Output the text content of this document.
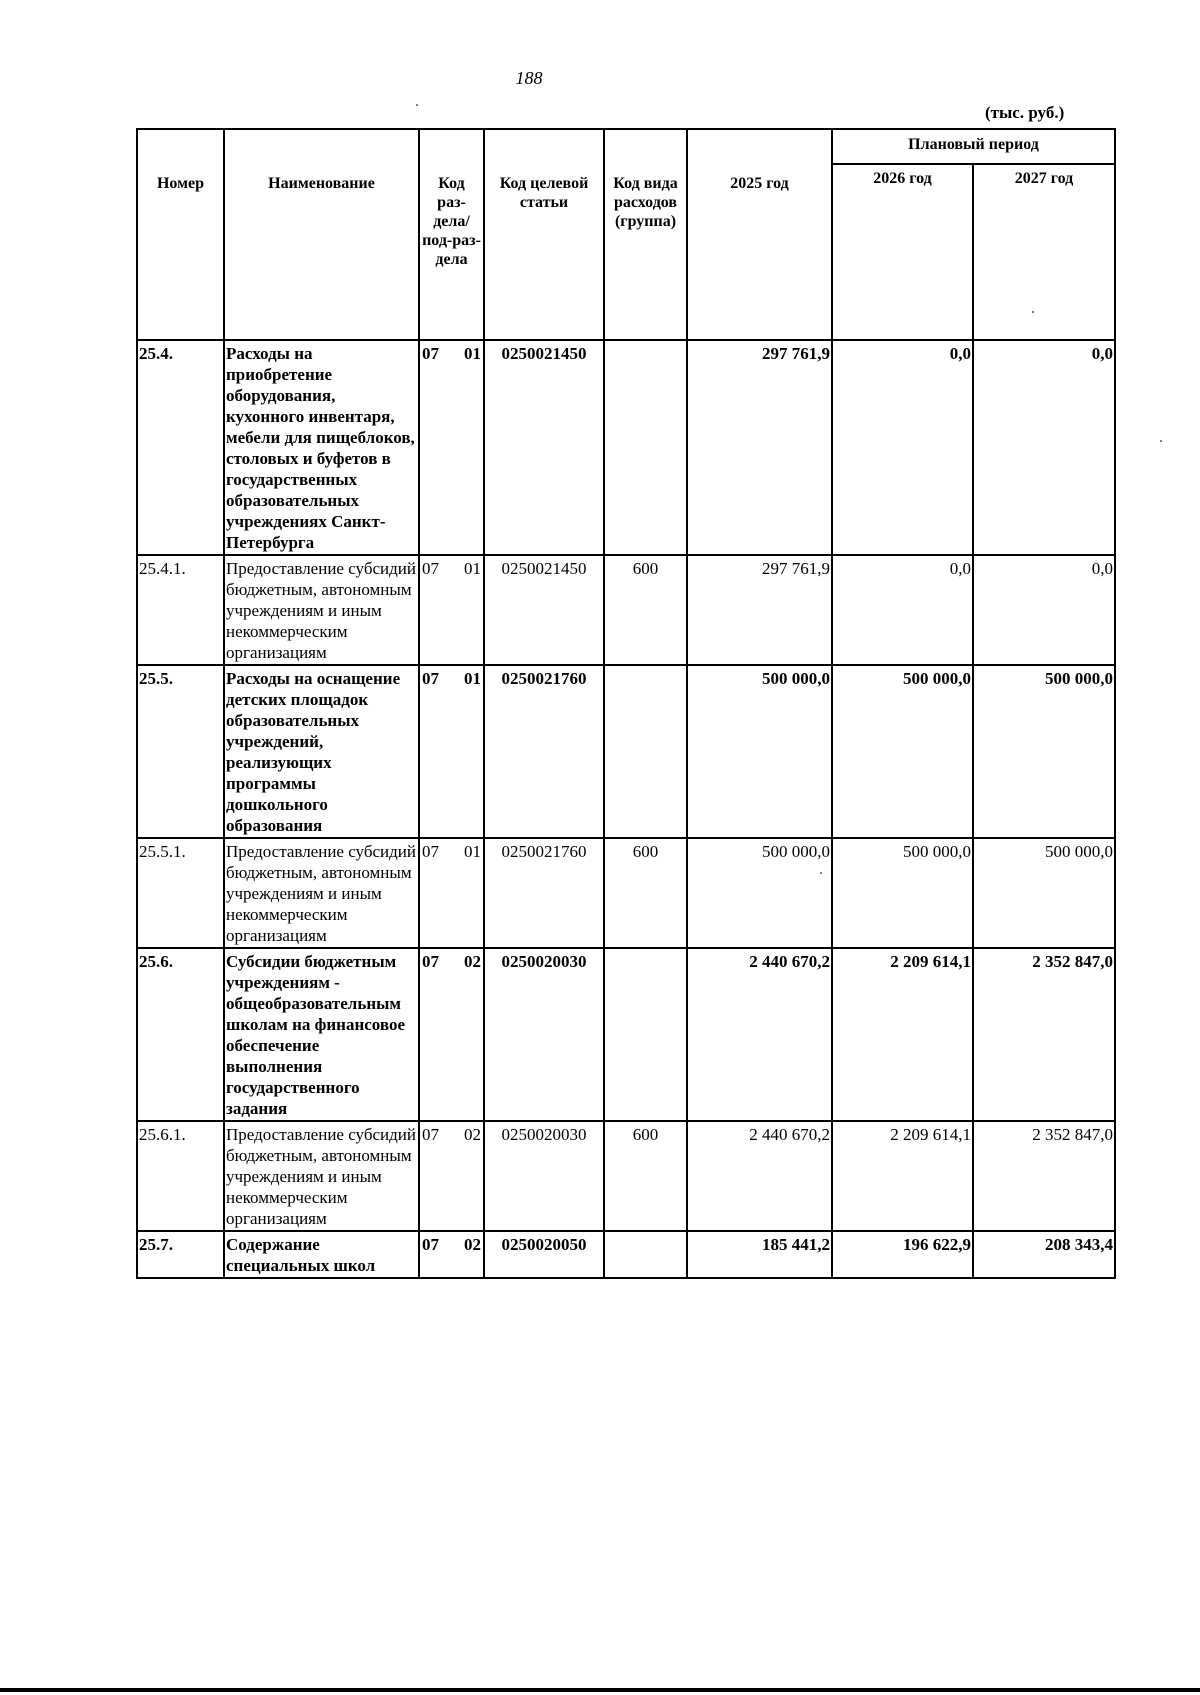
188
(тыс. руб.)
Номер	Наименование	Код раз-дела/ под-раз-дела	Код целевой статьи	Код вида расходов (группа)	2025 год	Плановый период	
						2026 год	2027 год
25.4.	Расходы на приобретение оборудования, кухонного инвентаря, мебели для пищеблоков, столовых и буфетов в государственных образовательных учреждениях Санкт-Петербурга	07 01	0250021450		297 761,9	0,0	0,0
25.4.1.	Предоставление субсидий бюджетным, автономным учреждениям и иным некоммерческим организациям	07 01	0250021450	600	297 761,9	0,0	0,0
25.5.	Расходы на оснащение детских площадок образовательных учреждений, реализующих программы дошкольного образования	07 01	0250021760		500 000,0	500 000,0	500 000,0
25.5.1.	Предоставление субсидий бюджетным, автономным учреждениям и иным некоммерческим организациям	07 01	0250021760	600	500 000,0	500 000,0	500 000,0
25.6.	Субсидии бюджетным учреждениям - общеобразовательным школам на финансовое обеспечение выполнения государственного задания	07 02	0250020030		2 440 670,2	2 209 614,1	2 352 847,0
25.6.1.	Предоставление субсидий бюджетным, автономным учреждениям и иным некоммерческим организациям	07 02	0250020030	600	2 440 670,2	2 209 614,1	2 352 847,0
25.7.	Содержание специальных школ	07 02	0250020050		185 441,2	196 622,9	208 343,4
